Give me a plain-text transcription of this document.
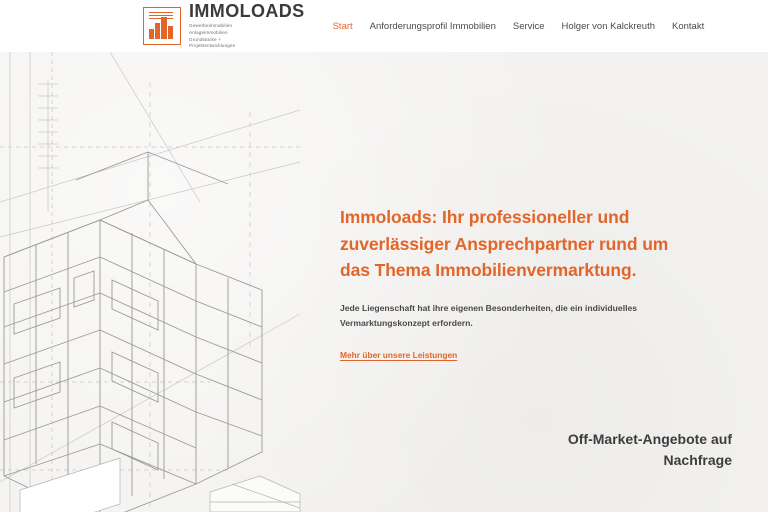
IMMOLOADS
Gewerbeimmobilien
Anlageimmobilien
Grundstücke +
Projektentwicklungen
Start Anforderungsprofil Immobilien Service Holger von Kalckreuth Kontakt
Immoloads: Ihr professioneller und zuverlässiger Ansprechpartner rund um das Thema Immobilienvermarktung.

Jede Liegenschaft hat ihre eigenen Besonderheiten, die ein individuelles Vermarktungskonzept erfordern.

Mehr über unsere Leistungen
Off-Market-Angebote auf Nachfrage
